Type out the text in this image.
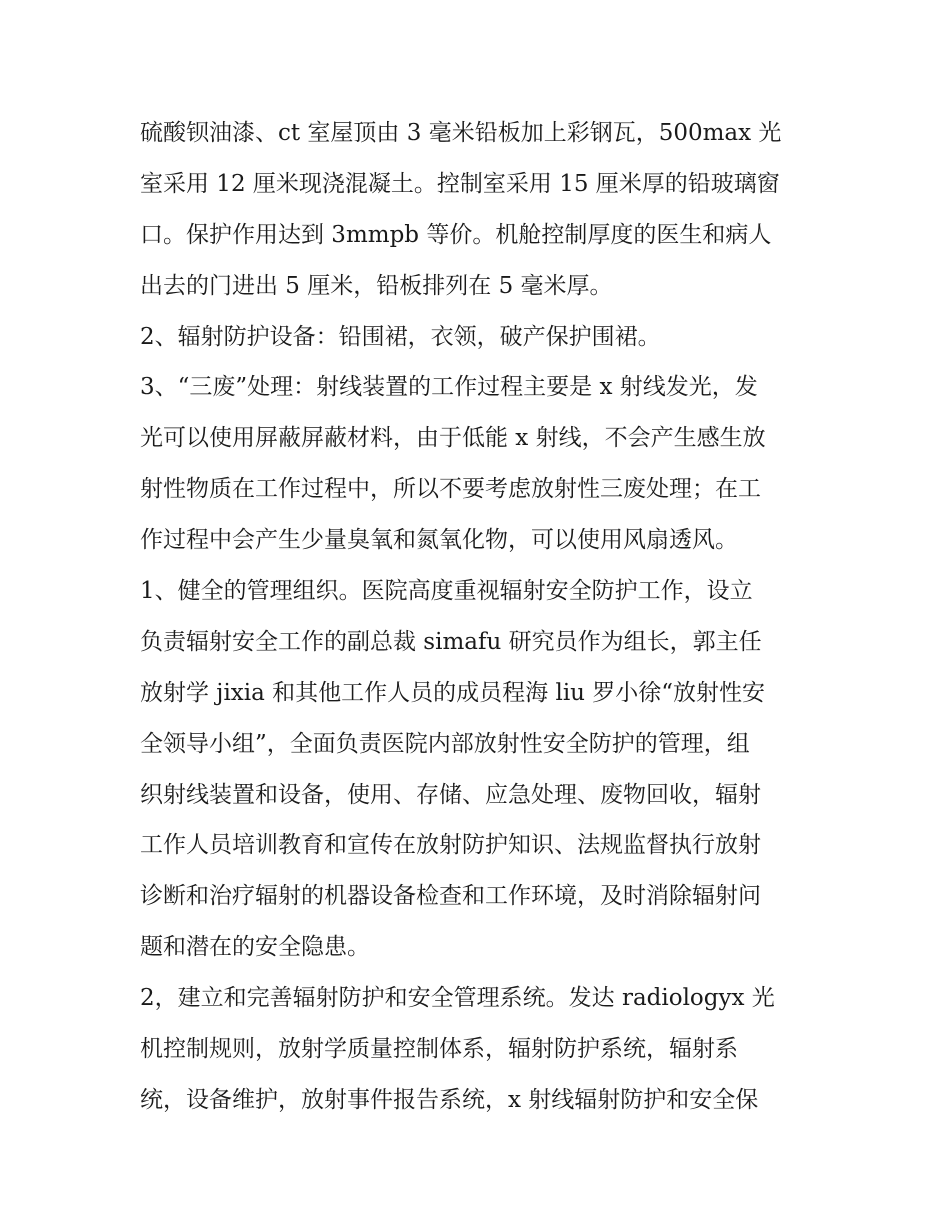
硫酸钡油漆、ct 室屋顶由 3 毫米铅板加上彩钢瓦，500max 光
室采用 12 厘米现浇混凝土。控制室采用 15 厘米厚的铅玻璃窗
口。保护作用达到 3mmpb 等价。机舱控制厚度的医生和病人
出去的门进出 5 厘米，铅板排列在 5 毫米厚。
2、辐射防护设备：铅围裙，衣领，破产保护围裙。
3、“三废”处理：射线装置的工作过程主要是 x 射线发光，发
光可以使用屏蔽屏蔽材料，由于低能 x 射线，不会产生感生放
射性物质在工作过程中，所以不要考虑放射性三废处理；在工
作过程中会产生少量臭氧和氮氧化物，可以使用风扇透风。
1、健全的管理组织。医院高度重视辐射安全防护工作，设立
负责辐射安全工作的副总裁 simafu 研究员作为组长，郭主任
放射学 jixia 和其他工作人员的成员程海 liu 罗小徐“放射性安
全领导小组”，全面负责医院内部放射性安全防护的管理，组
织射线装置和设备，使用、存储、应急处理、废物回收，辐射
工作人员培训教育和宣传在放射防护知识、法规监督执行放射
诊断和治疗辐射的机器设备检查和工作环境，及时消除辐射问
题和潜在的安全隐患。
2，建立和完善辐射防护和安全管理系统。发达 radiologyx 光
机控制规则，放射学质量控制体系，辐射防护系统，辐射系
统，设备维护，放射事件报告系统，x 射线辐射防护和安全保
